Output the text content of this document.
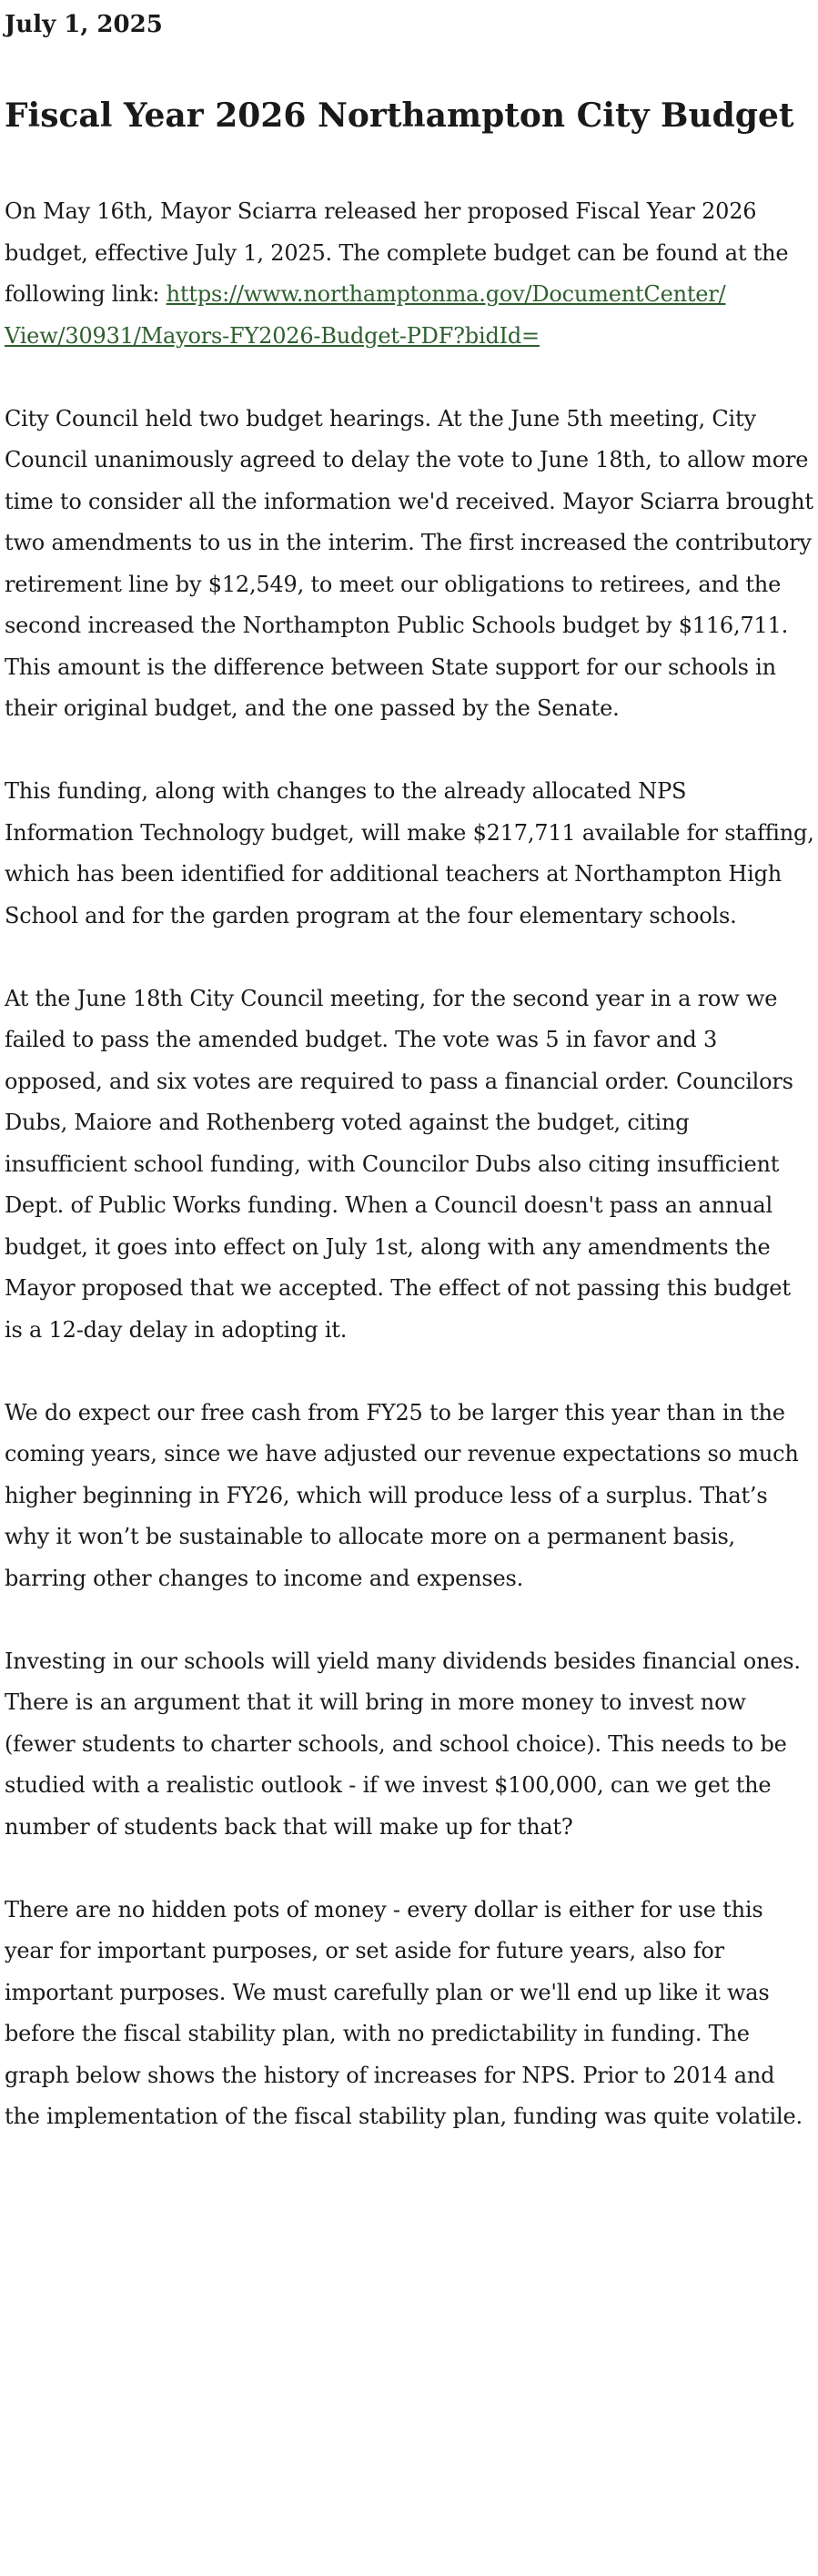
July 1, 2025

Fiscal Year 2026 Northampton City Budget

On May 16th, Mayor Sciarra released her proposed Fiscal Year 2026 budget, effective July 1, 2025. The complete budget can be found at the following link: https://www.northamptonma.gov/DocumentCenter/
View/30931/Mayors-FY2026-Budget-PDF?bidId=

City Council held two budget hearings. At the June 5th meeting, City Council unanimously agreed to delay the vote to June 18th, to allow more time to consider all the information we'd received. Mayor Sciarra brought two amendments to us in the interim. The first increased the contributory retirement line by $12,549, to meet our obligations to retirees, and the second increased the Northampton Public Schools budget by $116,711. This amount is the difference between State support for our schools in their original budget, and the one passed by the Senate.

This funding, along with changes to the already allocated NPS Information Technology budget, will make $217,711 available for staffing, which has been identified for additional teachers at Northampton High School and for the garden program at the four elementary schools.

At the June 18th City Council meeting, for the second year in a row we failed to pass the amended budget. The vote was 5 in favor and 3 opposed, and six votes are required to pass a financial order. Councilors Dubs, Maiore and Rothenberg voted against the budget, citing insufficient school funding, with Councilor Dubs also citing insufficient Dept. of Public Works funding. When a Council doesn't pass an annual budget, it goes into effect on July 1st, along with any amendments the Mayor proposed that we accepted. The effect of not passing this budget is a 12-day delay in adopting it.

We do expect our free cash from FY25 to be larger this year than in the coming years, since we have adjusted our revenue expectations so much higher beginning in FY26, which will produce less of a surplus. That’s why it won’t be sustainable to allocate more on a permanent basis, barring other changes to income and expenses.

Investing in our schools will yield many dividends besides financial ones. There is an argument that it will bring in more money to invest now (fewer students to charter schools, and school choice). This needs to be studied with a realistic outlook - if we invest $100,000, can we get the number of students back that will make up for that?

There are no hidden pots of money - every dollar is either for use this year for important purposes, or set aside for future years, also for important purposes. We must carefully plan or we'll end up like it was before the fiscal stability plan, with no predictability in funding. The graph below shows the history of increases for NPS. Prior to 2014 and the implementation of the fiscal stability plan, funding was quite volatile.
